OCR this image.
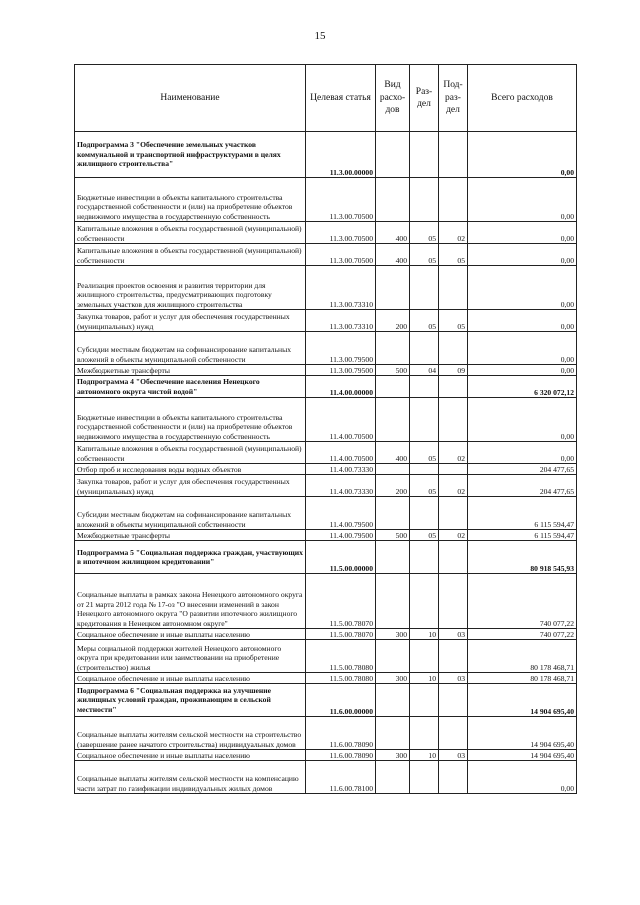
15
Наименование	Целевая статья	Вид расхо-дов	Раз-дел	Под-раз-дел	Всего расходов
Подпрограмма 3 "Обеспечение земельных участков коммунальной и транспортной инфраструктурами в целях жилищного строительства"	11.3.00.00000				0,00
Бюджетные инвестиции в объекты капитального строительства государственной собственности и (или) на приобретение объектов недвижимого имущества в государственную собственность	11.3.00.70500				0,00
Капитальные вложения в объекты государственной (муниципальной) собственности	11.3.00.70500	400	05	02	0,00
Капитальные вложения в объекты государственной (муниципальной) собственности	11.3.00.70500	400	05	05	0,00
Реализация проектов освоения и развития территории для жилищного строительства, предусматривающих подготовку земельных участков для жилищного строительства	11.3.00.73310				0,00
Закупка товаров, работ и услуг для обеспечения государственных (муниципальных) нужд	11.3.00.73310	200	05	05	0,00
Субсидии местным бюджетам на софинансирование капитальных вложений в объекты муниципальной собственности	11.3.00.79500				0,00
Межбюджетные трансферты	11.3.00.79500	500	04	09	0,00
Подпрограмма 4 "Обеспечение населения Ненецкого автономного округа чистой водой"	11.4.00.00000				6 320 072,12
Бюджетные инвестиции в объекты капитального строительства государственной собственности и (или) на приобретение объектов недвижимого имущества в государственную собственность	11.4.00.70500				0,00
Капитальные вложения в объекты государственной (муниципальной) собственности	11.4.00.70500	400	05	02	0,00
Отбор проб и исследования воды водных объектов	11.4.00.73330				204 477,65
Закупка товаров, работ и услуг для обеспечения государственных (муниципальных) нужд	11.4.00.73330	200	05	02	204 477,65
Субсидии местным бюджетам на софинансирование капитальных вложений в объекты муниципальной собственности	11.4.00.79500				6 115 594,47
Межбюджетные трансферты	11.4.00.79500	500	05	02	6 115 594,47
Подпрограмма 5 "Социальная поддержка граждан, участвующих в ипотечном жилищном кредитовании"	11.5.00.00000				80 918 545,93
Социальные выплаты в рамках закона Ненецкого автономного округа от 21 марта 2012 года № 17-оз "О внесении изменений в закон Ненецкого автономного округа "О развитии ипотечного жилищного кредитования в Ненецком автономном округе"	11.5.00.78070				740 077,22
Социальное обеспечение и иные выплаты населению	11.5.00.78070	300	10	03	740 077,22
Меры социальной поддержки жителей Ненецкого автономного округа при кредитовании или заимствовании на приобретение (строительство) жилья	11.5.00.78080				80 178 468,71
Социальное обеспечение и иные выплаты населению	11.5.00.78080	300	10	03	80 178 468,71
Подпрограмма 6 "Социальная поддержка на улучшение жилищных условий граждан, проживающим в сельской местности"	11.6.00.00000				14 904 695,40
Социальные выплаты жителям сельской местности на строительство (завершение ранее начатого строительства) индивидуальных домов	11.6.00.78090				14 904 695,40
Социальное обеспечение и иные выплаты населению	11.6.00.78090	300	10	03	14 904 695,40
Социальные выплаты жителям сельской местности на компенсацию части затрат по газификации индивидуальных жилых домов	11.6.00.78100				0,00
